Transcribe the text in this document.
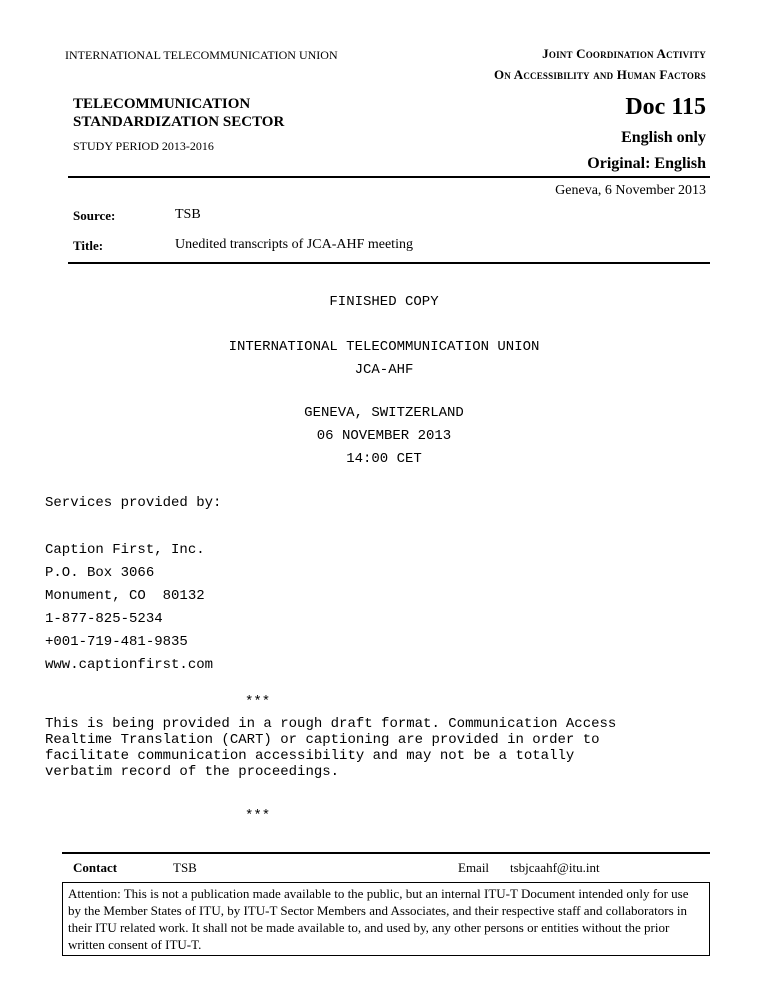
INTERNATIONAL TELECOMMUNICATION UNION	Joint Coordination Activity
On Accessibility and Human Factors
TELECOMMUNICATION
STANDARDIZATION SECTOR
Doc 115
English only
STUDY PERIOD 2013-2016
Original: English
Geneva, 6 November 2013
Source:	TSB
Title:	Unedited transcripts of JCA-AHF meeting
FINISHED COPY
INTERNATIONAL TELECOMMUNICATION UNION
JCA-AHF
GENEVA, SWITZERLAND
06 NOVEMBER 2013
14:00 CET
Services provided by:
Caption First, Inc.
P.O. Box 3066
Monument, CO  80132
1-877-825-5234
+001-719-481-9835
www.captionfirst.com
***
This is being provided in a rough draft format. Communication Access
Realtime Translation (CART) or captioning are provided in order to
facilitate communication accessibility and may not be a totally
verbatim record of the proceedings.
***
Contact	TSB	Email tsbjcaahf@itu.int
Attention: This is not a publication made available to the public, but an internal ITU-T Document intended only for use by the Member States of ITU, by ITU-T Sector Members and Associates, and their respective staff and collaborators in their ITU related work. It shall not be made available to, and used by, any other persons or entities without the prior written consent of ITU-T.
